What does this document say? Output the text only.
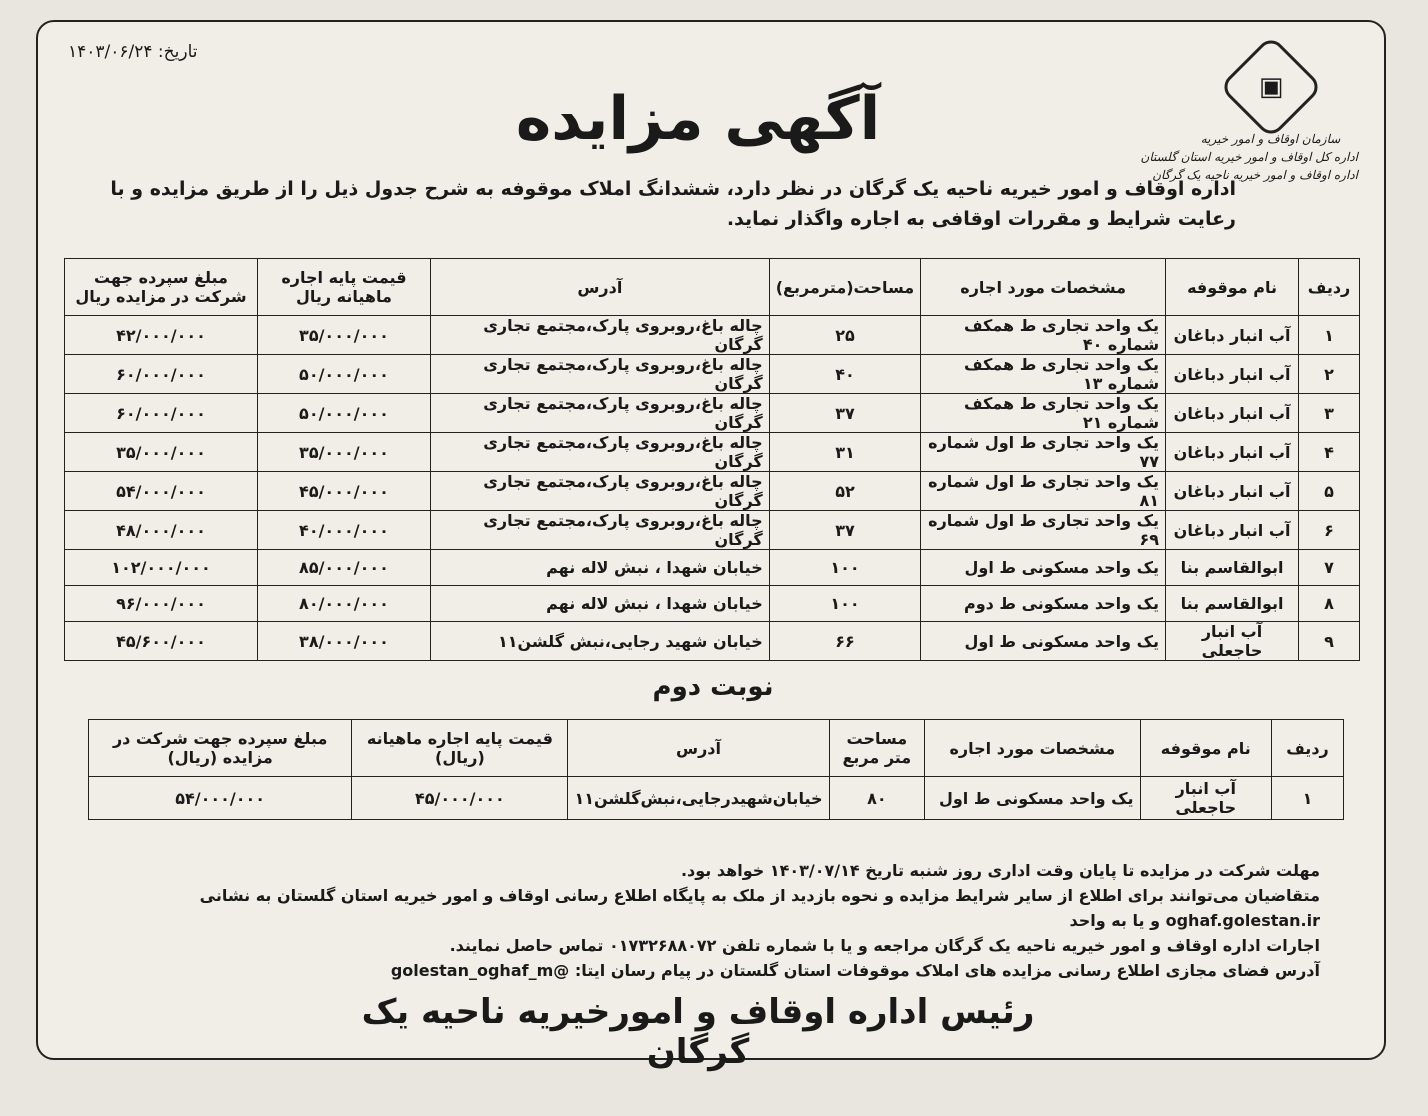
تاریخ: ۱۴۰۳/۰۶/۲۴
آگهی مزایده	▣
سازمان اوقاف و امور خیریه
اداره کل اوقاف و امور خیریه استان گلستان
اداره اوقاف و امور خیریه ناحیه یک گرگان
اداره اوقاف و امور خیریه ناحیه یک گرگان در نظر دارد، ششدانگ املاک موقوفه به شرح جدول ذیل را از طریق مزایده و با رعایت شرایط و مقررات اوقافی به اجاره واگذار نماید.
ردیف	نام موقوفه	مشخصات مورد اجاره	مساحت(مترمربع)	آدرس	قیمت پایه اجاره ماهیانه ریال	مبلغ سپرده جهت شرکت در مزایده ریال
۱	آب انبار دباغان	یک واحد تجاری ط همکف شماره ۴۰	۲۵	چاله باغ،روبروی پارک،مجتمع تجاری گرگان	۳۵/۰۰۰/۰۰۰	۴۲/۰۰۰/۰۰۰
۲	آب انبار دباغان	یک واحد تجاری ط همکف شماره ۱۳	۴۰	چاله باغ،روبروی پارک،مجتمع تجاری گرگان	۵۰/۰۰۰/۰۰۰	۶۰/۰۰۰/۰۰۰
۳	آب انبار دباغان	یک واحد تجاری ط همکف شماره ۲۱	۳۷	چاله باغ،روبروی پارک،مجتمع تجاری گرگان	۵۰/۰۰۰/۰۰۰	۶۰/۰۰۰/۰۰۰
۴	آب انبار دباغان	یک واحد تجاری ط اول شماره ۷۷	۳۱	چاله باغ،روبروی پارک،مجتمع تجاری گرگان	۳۵/۰۰۰/۰۰۰	۳۵/۰۰۰/۰۰۰
۵	آب انبار دباغان	یک واحد تجاری ط اول شماره ۸۱	۵۲	چاله باغ،روبروی پارک،مجتمع تجاری گرگان	۴۵/۰۰۰/۰۰۰	۵۴/۰۰۰/۰۰۰
۶	آب انبار دباغان	یک واحد تجاری ط اول شماره ۶۹	۳۷	چاله باغ،روبروی پارک،مجتمع تجاری گرگان	۴۰/۰۰۰/۰۰۰	۴۸/۰۰۰/۰۰۰
۷	ابوالقاسم بنا	یک واحد مسکونی ط اول	۱۰۰	خیابان شهدا ، نبش لاله نهم	۸۵/۰۰۰/۰۰۰	۱۰۲/۰۰۰/۰۰۰
۸	ابوالقاسم بنا	یک واحد مسکونی ط دوم	۱۰۰	خیابان شهدا ، نبش لاله نهم	۸۰/۰۰۰/۰۰۰	۹۶/۰۰۰/۰۰۰
۹	آب انبار حاجعلی	یک واحد مسکونی ط اول	۶۶	خیابان شهید رجایی،نبش گلشن۱۱	۳۸/۰۰۰/۰۰۰	۴۵/۶۰۰/۰۰۰
نوبت دوم
ردیف	نام موقوفه	مشخصات مورد اجاره	مساحت متر مربع	آدرس	قیمت پایه اجاره ماهیانه (ریال)	مبلغ سپرده جهت شرکت در مزایده (ریال)
۱	آب انبار حاجعلی	یک واحد مسکونی ط اول	۸۰	خیابان‌شهیدرجایی،نبش‌گلشن۱۱	۴۵/۰۰۰/۰۰۰	۵۴/۰۰۰/۰۰۰
مهلت شرکت در مزایده تا پایان وقت اداری روز شنبه تاریخ ۱۴۰۳/۰۷/۱۴ خواهد بود.
متقاضیان می‌توانند برای اطلاع از سایر شرایط مزایده و نحوه بازدید از ملک به پایگاه اطلاع رسانی اوقاف و امور خیریه استان گلستان به نشانی oghaf.golestan.ir و یا به واحد
اجارات اداره اوقاف و امور خیریه ناحیه یک گرگان مراجعه و یا با شماره تلفن ۰۱۷۳۲۶۸۸۰۷۲ تماس حاصل نمایند.
آدرس فضای مجازی اطلاع رسانی مزایده های املاک موقوفات استان گلستان در پیام رسان ایتا: @golestan_oghaf_m
رئیس اداره اوقاف و امورخیریه ناحیه یک گرگان
